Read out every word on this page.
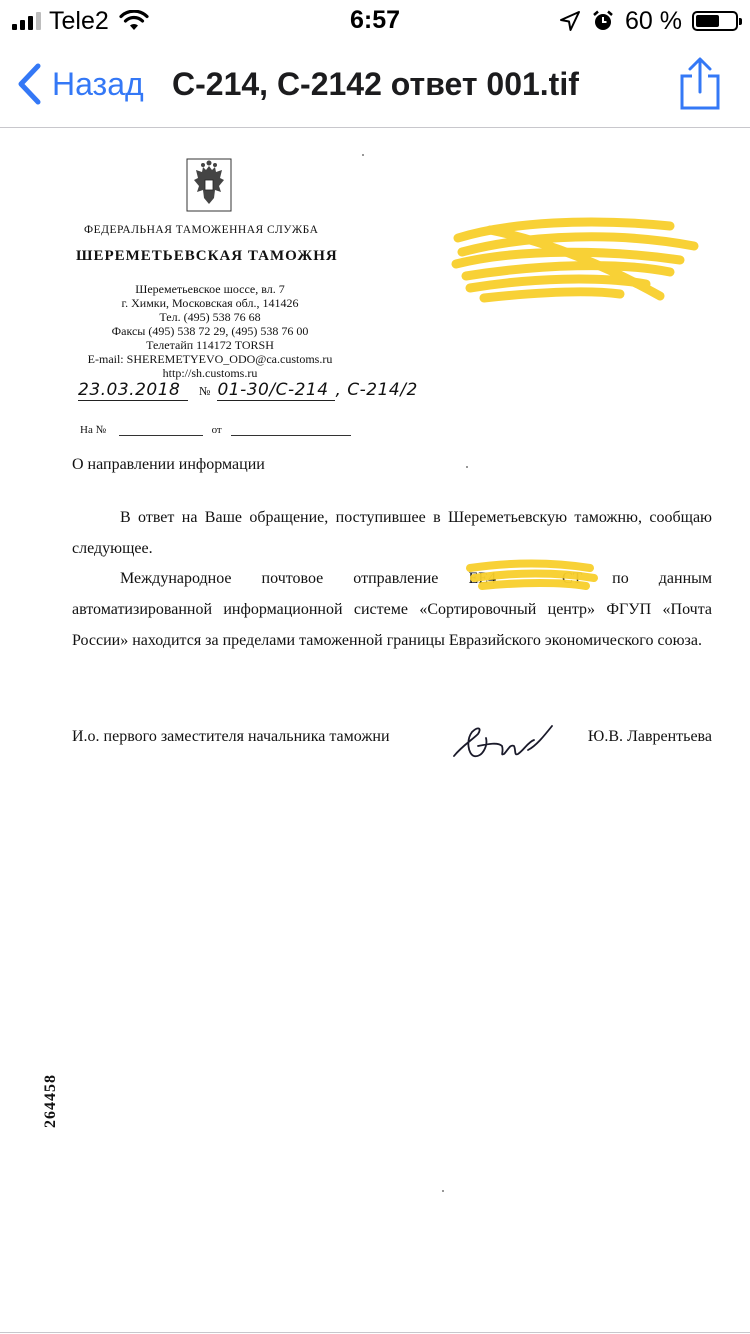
Tele2	6:57	60 %
Назад С-214, С-2142 ответ 001.tif
ФЕДЕРАЛЬНАЯ ТАМОЖЕННАЯ СЛУЖБА
ШЕРЕМЕТЬЕВСКАЯ ТАМОЖНЯ
Шереметьевское шоссе, вл. 7
г. Химки, Московская обл., 141426
Тел. (495) 538 76 68
Факсы (495) 538 72 29, (495) 538 76 00
Телетайп 114172 TORSH
E-mail: SHEREMETYEVO_ODO@ca.customs.ru
http://sh.customs.ru
23.03.2018 № 01-30/С-214 , С-214/2
На №	от
О направлении информации
В ответ на Ваше обращение, поступившее в Шереметьевскую таможню, сообщаю следующее.
Международное почтовое отправление EE4	CT по данным автоматизированной информационной системе «Сортировочный центр» ФГУП «Почта России» находится за пределами таможенной границы Евразийского экономического союза.
И.о. первого заместителя начальника таможни	Ю.В. Лаврентьева
264458
